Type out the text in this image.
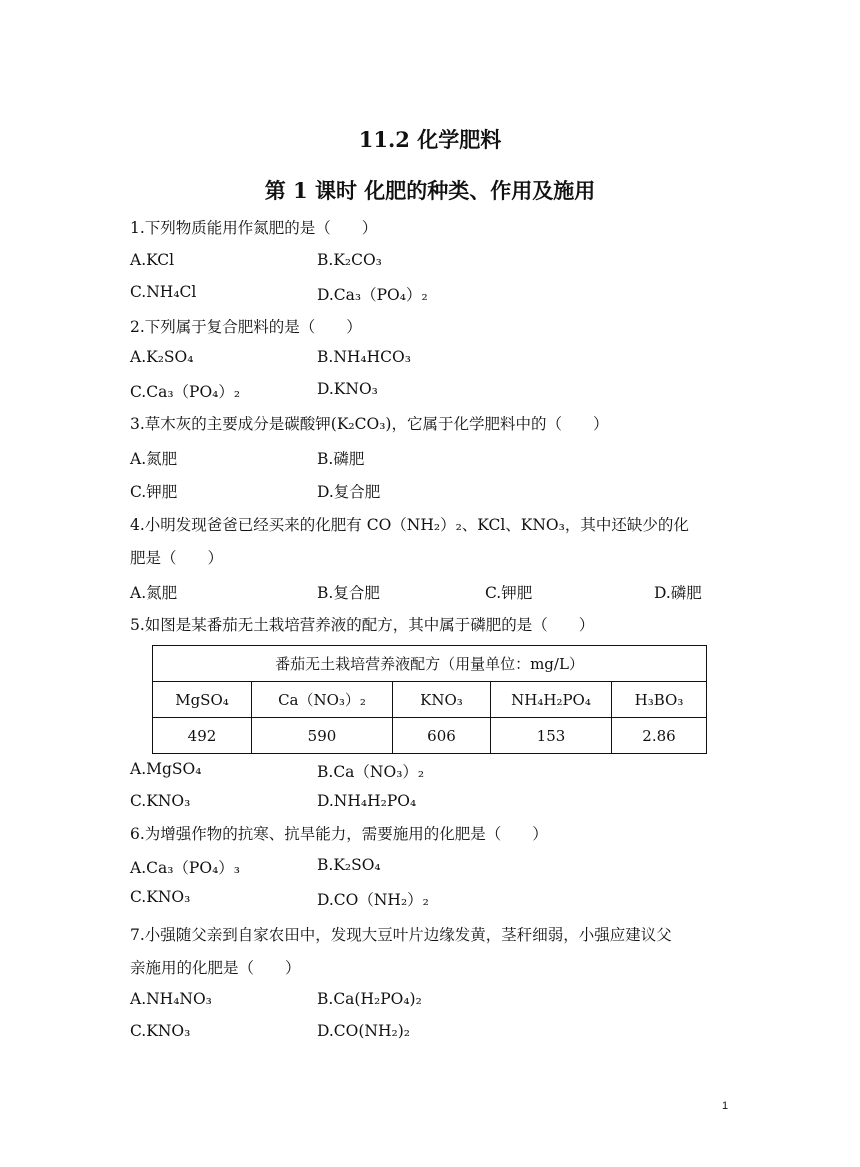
11.2 化学肥料
第 1 课时 化肥的种类、作用及施用
1.下列物质能用作氮肥的是（　　）
A.KCl	B.K₂CO₃
C.NH₄Cl	D.Ca₃（PO₄）₂
2.下列属于复合肥料的是（　　）
A.K₂SO₄	B.NH₄HCO₃
C.Ca₃（PO₄）₂	D.KNO₃
3.草木灰的主要成分是碳酸钾(K₂CO₃)，它属于化学肥料中的（　　）
A.氮肥	B.磷肥
C.钾肥	D.复合肥
4.小明发现爸爸已经买来的化肥有 CO（NH₂）₂、KCl、KNO₃，其中还缺少的化
肥是（　　）
A.氮肥	B.复合肥	C.钾肥	D.磷肥
5.如图是某番茄无土栽培营养液的配方，其中属于磷肥的是（　　）
番茄无土栽培营养液配方（用量单位：mg/L）				
MgSO₄	Ca（NO₃）₂	KNO₃	NH₄H₂PO₄	H₃BO₃
492	590	606	153	2.86
A.MgSO₄	B.Ca（NO₃）₂
C.KNO₃	D.NH₄H₂PO₄
6.为增强作物的抗寒、抗旱能力，需要施用的化肥是（　　）
A.Ca₃（PO₄）₃	B.K₂SO₄
C.KNO₃	D.CO（NH₂）₂
7.小强随父亲到自家农田中，发现大豆叶片边缘发黄，茎秆细弱，小强应建议父
亲施用的化肥是（　　）
A.NH₄NO₃	B.Ca(H₂PO₄)₂
C.KNO₃	D.CO(NH₂)₂
1
